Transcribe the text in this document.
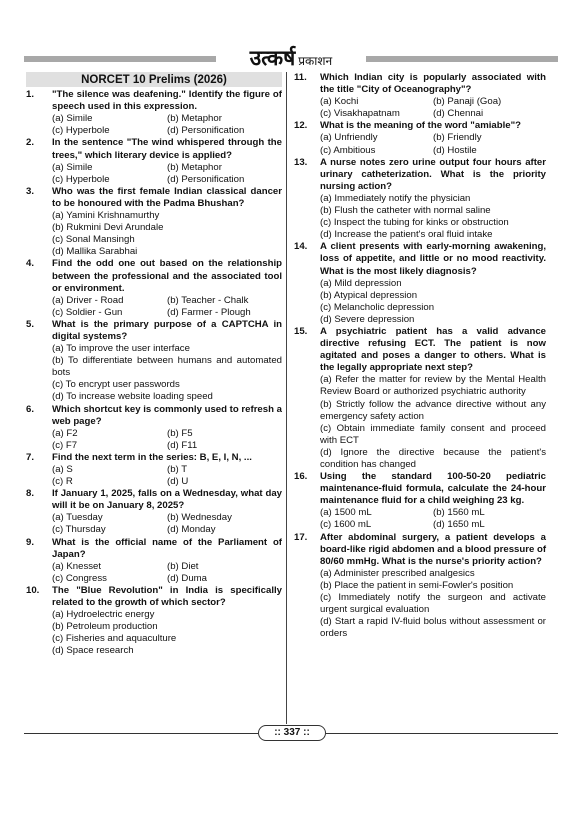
उत्कर्ष प्रकाशन
NORCET 10 Prelims (2026)
1. "The silence was deafening." Identify the figure of speech used in this expression.
(a) Simile	(b) Metaphor
(c) Hyperbole	(d) Personification
2. In the sentence "The wind whispered through the trees," which literary device is applied?
(a) Simile	(b) Metaphor
(c) Hyperbole	(d) Personification
3. Who was the first female Indian classical dancer to be honoured with the Padma Bhushan?
(a) Yamini Krishnamurthy
(b) Rukmini Devi Arundale
(c) Sonal Mansingh
(d) Mallika Sarabhai
4. Find the odd one out based on the relationship between the professional and the associated tool or environment.
(a) Driver - Road	(b) Teacher - Chalk
(c) Soldier - Gun	(d) Farmer - Plough
5. What is the primary purpose of a CAPTCHA in digital systems?
(a) To improve the user interface
(b) To differentiate between humans and automated bots
(c) To encrypt user passwords
(d) To increase website loading speed
6. Which shortcut key is commonly used to refresh a web page?
(a) F2	(b) F5
(c) F7	(d) F11
7. Find the next term in the series: B, E, I, N, ...
(a) S	(b) T
(c) R	(d) U
8. If January 1, 2025, falls on a Wednesday, what day will it be on January 8, 2025?
(a) Tuesday	(b) Wednesday
(c) Thursday	(d) Monday
9. What is the official name of the Parliament of Japan?
(a) Knesset	(b) Diet
(c) Congress	(d) Duma
10. The "Blue Revolution" in India is specifically related to the growth of which sector?
(a) Hydroelectric energy
(b) Petroleum production
(c) Fisheries and aquaculture
(d) Space research
11. Which Indian city is popularly associated with the title "City of Oceanography"?
(a) Kochi	(b) Panaji (Goa)
(c) Visakhapatnam	(d) Chennai
12. What is the meaning of the word "amiable"?
(a) Unfriendly	(b) Friendly
(c) Ambitious	(d) Hostile
13. A nurse notes zero urine output four hours after urinary catheterization. What is the priority nursing action?
(a) Immediately notify the physician
(b) Flush the catheter with normal saline
(c) Inspect the tubing for kinks or obstruction
(d) Increase the patient's oral fluid intake
14. A client presents with early-morning awakening, loss of appetite, and little or no mood reactivity. What is the most likely diagnosis?
(a) Mild depression
(b) Atypical depression
(c) Melancholic depression
(d) Severe depression
15. A psychiatric patient has a valid advance directive refusing ECT. The patient is now agitated and poses a danger to others. What is the legally appropriate next step?
(a) Refer the matter for review by the Mental Health Review Board or authorized psychiatric authority
(b) Strictly follow the advance directive without any emergency safety action
(c) Obtain immediate family consent and proceed with ECT
(d) Ignore the directive because the patient's condition has changed
16. Using the standard 100-50-20 pediatric maintenance-fluid formula, calculate the 24-hour maintenance fluid for a child weighing 23 kg.
(a) 1500 mL	(b) 1560 mL
(c) 1600 mL	(d) 1650 mL
17. After abdominal surgery, a patient develops a board-like rigid abdomen and a blood pressure of 80/60 mmHg. What is the nurse's priority action?
(a) Administer prescribed analgesics
(b) Place the patient in semi-Fowler's position
(c) Immediately notify the surgeon and activate urgent surgical evaluation
(d) Start a rapid IV-fluid bolus without assessment or orders
:: 337 ::
